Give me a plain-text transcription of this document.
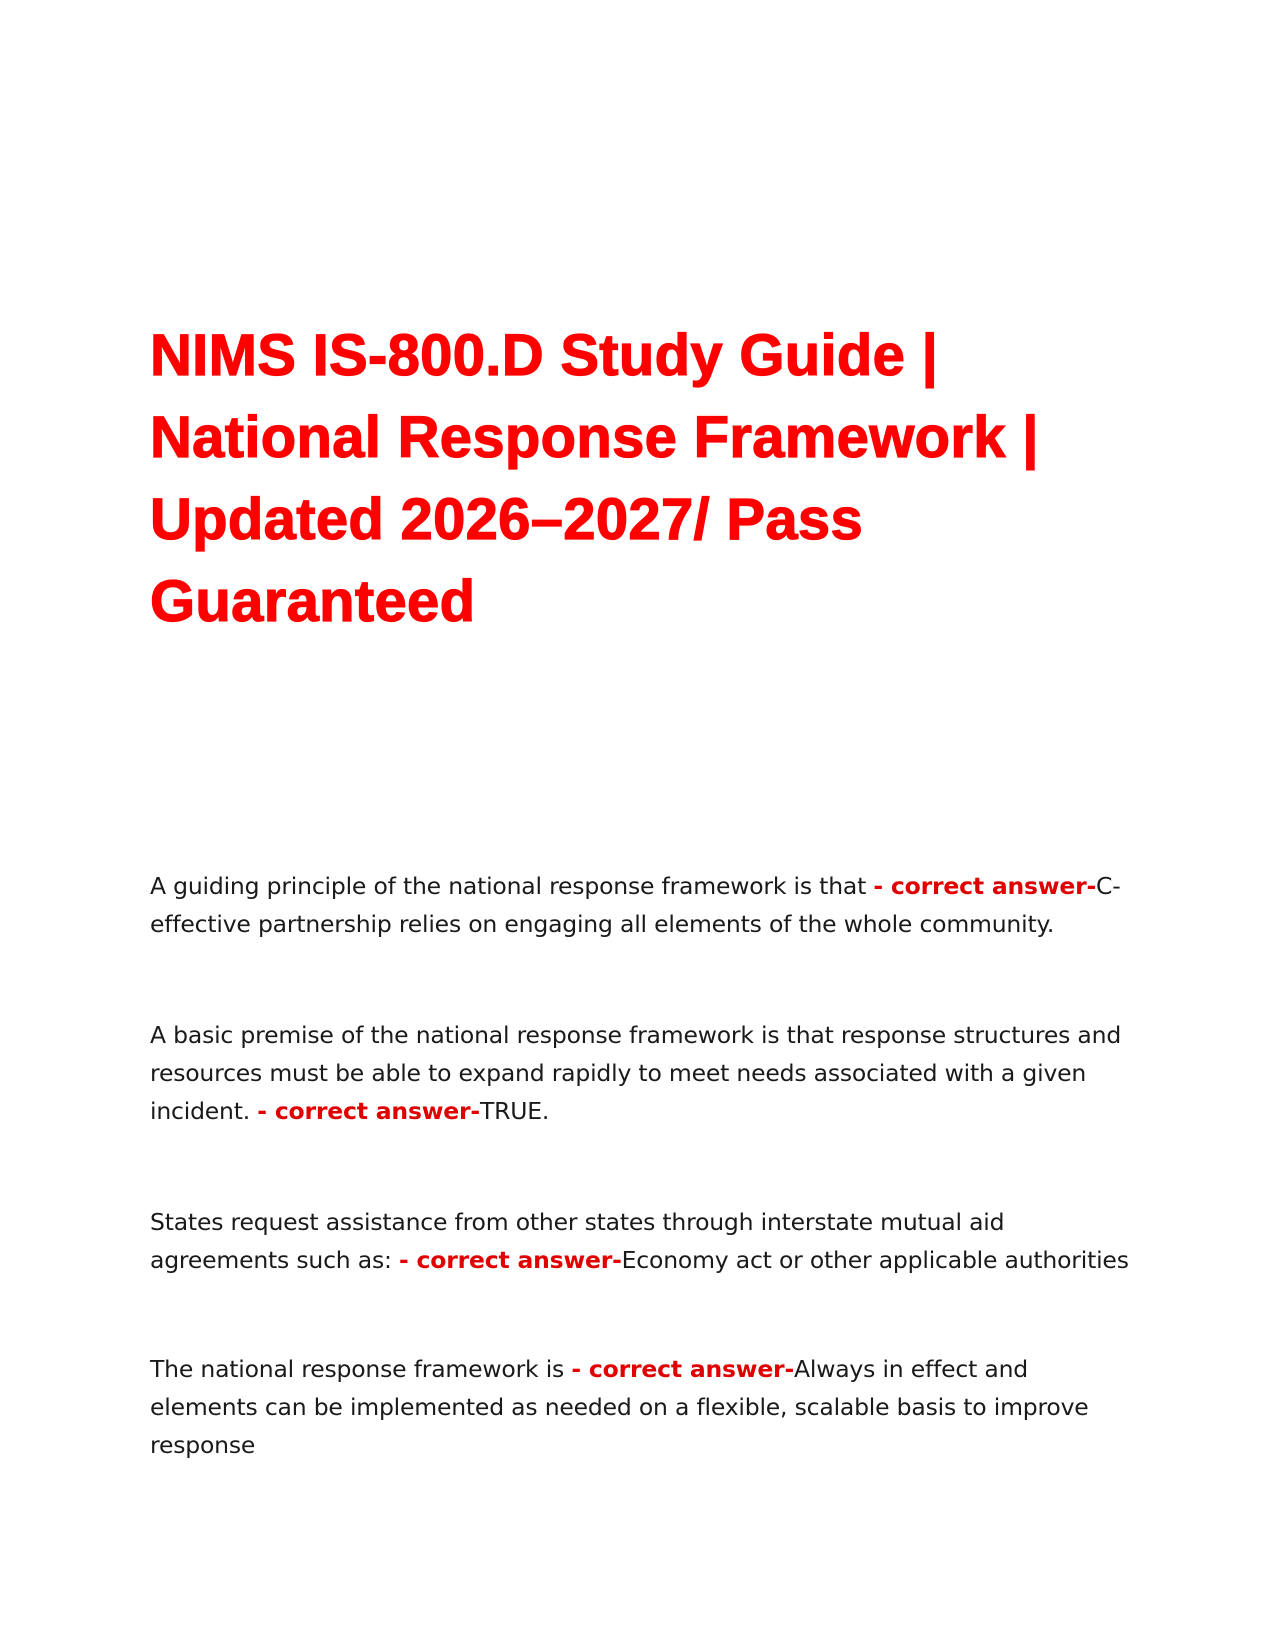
NIMS IS-800.D Study Guide | National Response Framework | Updated 2026–2027/ Pass Guaranteed

A guiding principle of the national response framework is that - correct answer-C-effective partnership relies on engaging all elements of the whole community.

A basic premise of the national response framework is that response structures and resources must be able to expand rapidly to meet needs associated with a given incident. - correct answer-TRUE.

States request assistance from other states through interstate mutual aid agreements such as: - correct answer-Economy act or other applicable authorities

The national response framework is - correct answer-Always in effect and elements can be implemented as needed on a flexible, scalable basis to improve response
